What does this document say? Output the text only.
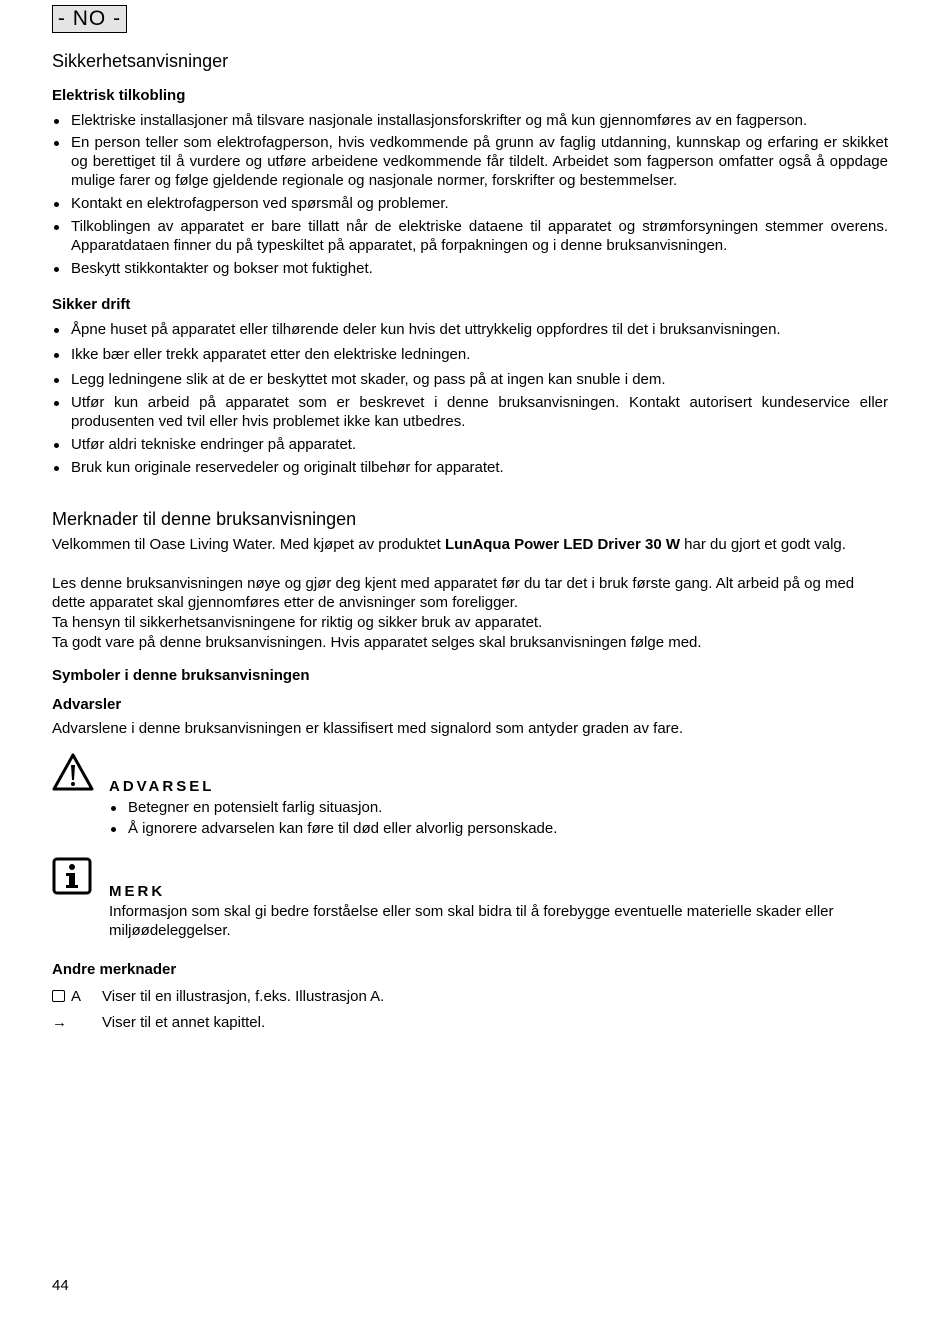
- NO -
Sikkerhetsanvisninger
Elektrisk tilkobling
Elektriske installasjoner må tilsvare nasjonale installasjonsforskrifter og må kun gjennomføres av en fagperson.
En person teller som elektrofagperson, hvis vedkommende på grunn av faglig utdanning, kunnskap og erfaring er skikket og berettiget til å vurdere og utføre arbeidene vedkommende får tildelt. Arbeidet som fagperson omfatter også å oppdage mulige farer og følge gjeldende regionale og nasjonale normer, forskrifter og bestemmelser.
Kontakt en elektrofagperson ved spørsmål og problemer.
Tilkoblingen av apparatet er bare tillatt når de elektriske dataene til apparatet og strømforsyningen stemmer overens. Apparatdataen finner du på typeskiltet på apparatet, på forpakningen og i denne bruksanvisningen.
Beskytt stikkontakter og bokser mot fuktighet.
Sikker drift
Åpne huset på apparatet eller tilhørende deler kun hvis det uttrykkelig oppfordres til det i bruksanvisningen.
Ikke bær eller trekk apparatet etter den elektriske ledningen.
Legg ledningene slik at de er beskyttet mot skader, og pass på at ingen kan snuble i dem.
Utfør kun arbeid på apparatet som er beskrevet i denne bruksanvisningen. Kontakt autorisert kundeservice eller produsenten ved tvil eller hvis problemet ikke kan utbedres.
Utfør aldri tekniske endringer på apparatet.
Bruk kun originale reservedeler og originalt tilbehør for apparatet.
Merknader til denne bruksanvisningen

Velkommen til Oase Living Water. Med kjøpet av produktet LunAqua Power LED Driver 30 W har du gjort et godt valg.

Les denne bruksanvisningen nøye og gjør deg kjent med apparatet før du tar det i bruk første gang. Alt arbeid på og med dette apparatet skal gjennomføres etter de anvisninger som foreligger.

Ta hensyn til sikkerhetsanvisningene for riktig og sikker bruk av apparatet.

Ta godt vare på denne bruksanvisningen. Hvis apparatet selges skal bruksanvisningen følge med.

Symboler i denne bruksanvisningen
Advarsler

Advarslene i denne bruksanvisningen er klassifisert med signalord som antyder graden av fare.

ADVARSEL
Betegner en potensielt farlig situasjon.
Å ignorere advarselen kan føre til død eller alvorlig personskade.
MERK

Informasjon som skal gi bedre forståelse eller som skal bidra til å forebygge eventuelle materielle skader eller miljøødeleggelser.

Andre merknader
A	Viser til en illustrasjon, f.eks. Illustrasjon A.
→	Viser til et annet kapittel.
44
